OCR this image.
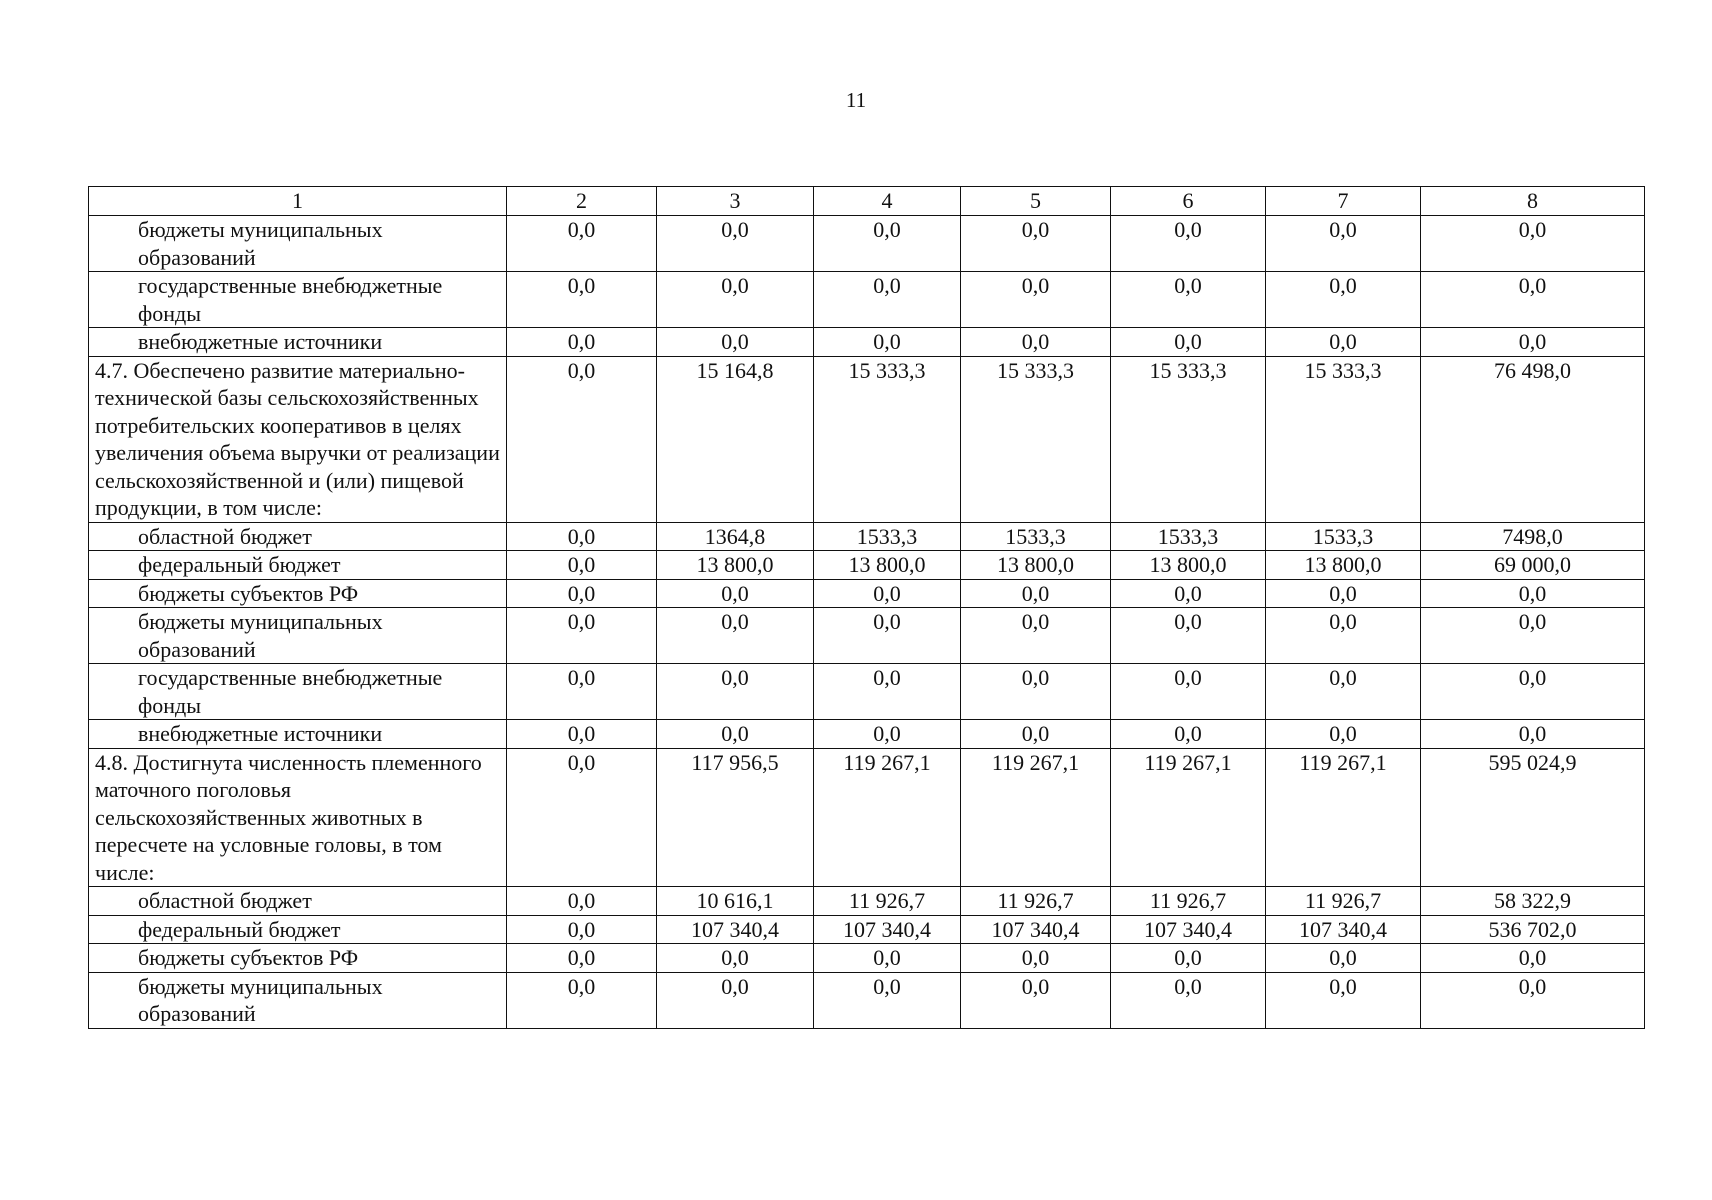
11
1	2	3	4	5	6	7	8

бюджеты муниципальных образований	0,0	0,0	0,0	0,0	0,0	0,0	0,0

государственные внебюджетные фонды	0,0	0,0	0,0	0,0	0,0	0,0	0,0

внебюджетные источники	0,0	0,0	0,0	0,0	0,0	0,0	0,0
4.7. Обеспечено развитие материально-технической базы сельскохозяйственных потребительских кооперативов в целях увеличения объема выручки от реализации сельскохозяйственной и (или) пищевой продукции, в том числе:	0,0	15 164,8	15 333,3	15 333,3	15 333,3	15 333,3	76 498,0

областной бюджет	0,0	1364,8	1533,3	1533,3	1533,3	1533,3	7498,0

федеральный бюджет	0,0	13 800,0	13 800,0	13 800,0	13 800,0	13 800,0	69 000,0

бюджеты субъектов РФ	0,0	0,0	0,0	0,0	0,0	0,0	0,0

бюджеты муниципальных образований	0,0	0,0	0,0	0,0	0,0	0,0	0,0

государственные внебюджетные фонды	0,0	0,0	0,0	0,0	0,0	0,0	0,0

внебюджетные источники	0,0	0,0	0,0	0,0	0,0	0,0	0,0
4.8. Достигнута численность племенного маточного поголовья сельскохозяйственных животных в пересчете на условные головы, в том числе:	0,0	117 956,5	119 267,1	119 267,1	119 267,1	119 267,1	595 024,9

областной бюджет	0,0	10 616,1	11 926,7	11 926,7	11 926,7	11 926,7	58 322,9

федеральный бюджет	0,0	107 340,4	107 340,4	107 340,4	107 340,4	107 340,4	536 702,0

бюджеты субъектов РФ	0,0	0,0	0,0	0,0	0,0	0,0	0,0

бюджеты муниципальных образований	0,0	0,0	0,0	0,0	0,0	0,0	0,0
